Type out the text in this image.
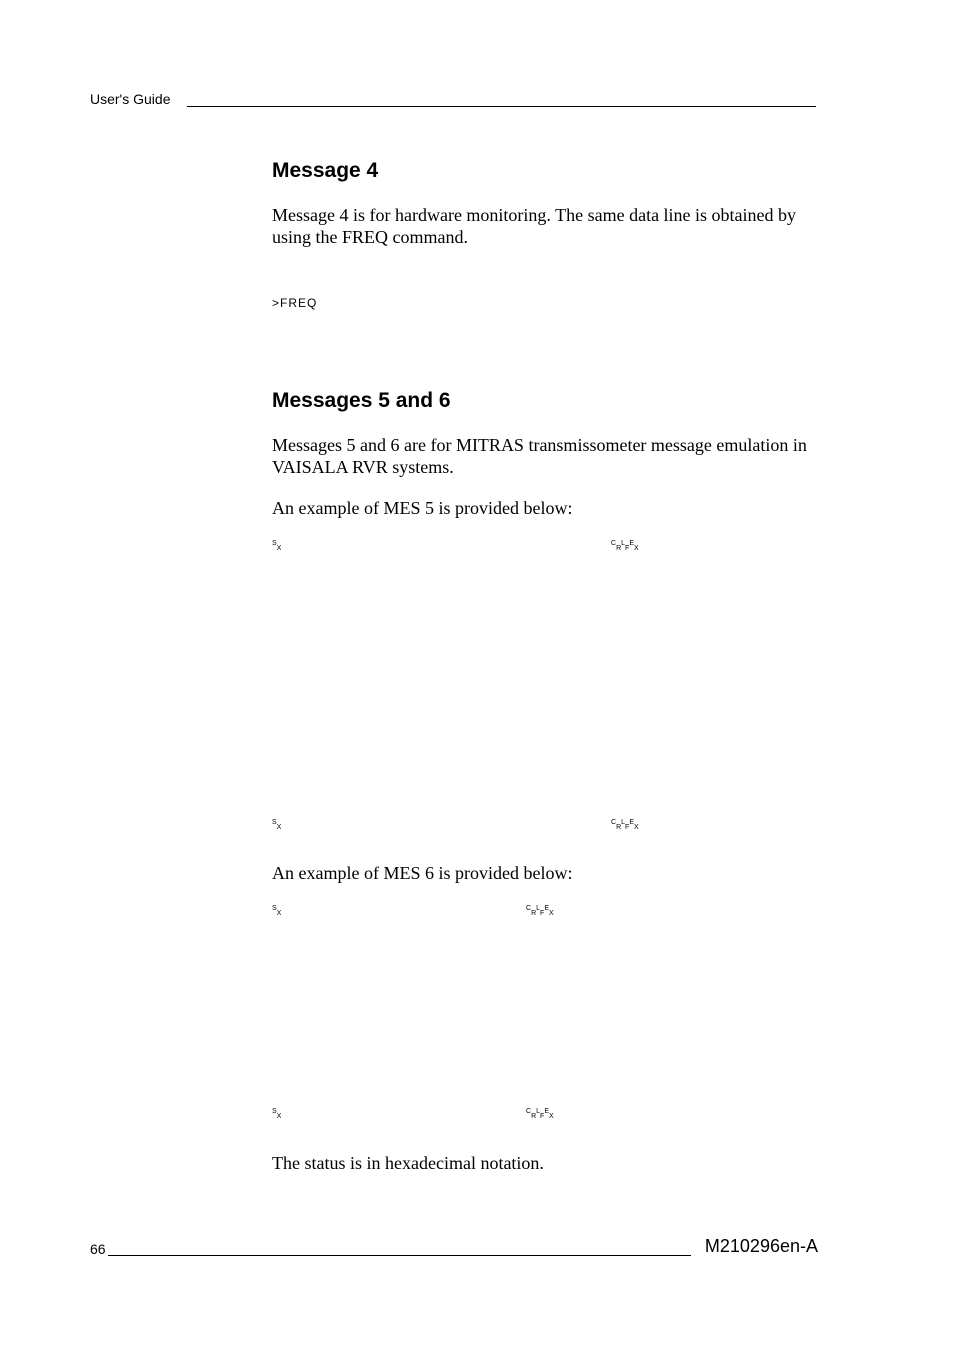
User's Guide
Message 4

Message 4 is for hardware monitoring. The same data line is obtained by using the FREQ command.

>FREQ
Messages 5 and 6

Messages 5 and 6 are for MITRAS transmissometer message emulation in VAISALA RVR systems.

An example of MES 5 is provided below:

SX
CRLFEX
SX
CRLFEX

An example of MES 6 is provided below:

SX
CRLFEX
SX
CRLFEX

The status is in hexadecimal notation.

66	M210296en-A
